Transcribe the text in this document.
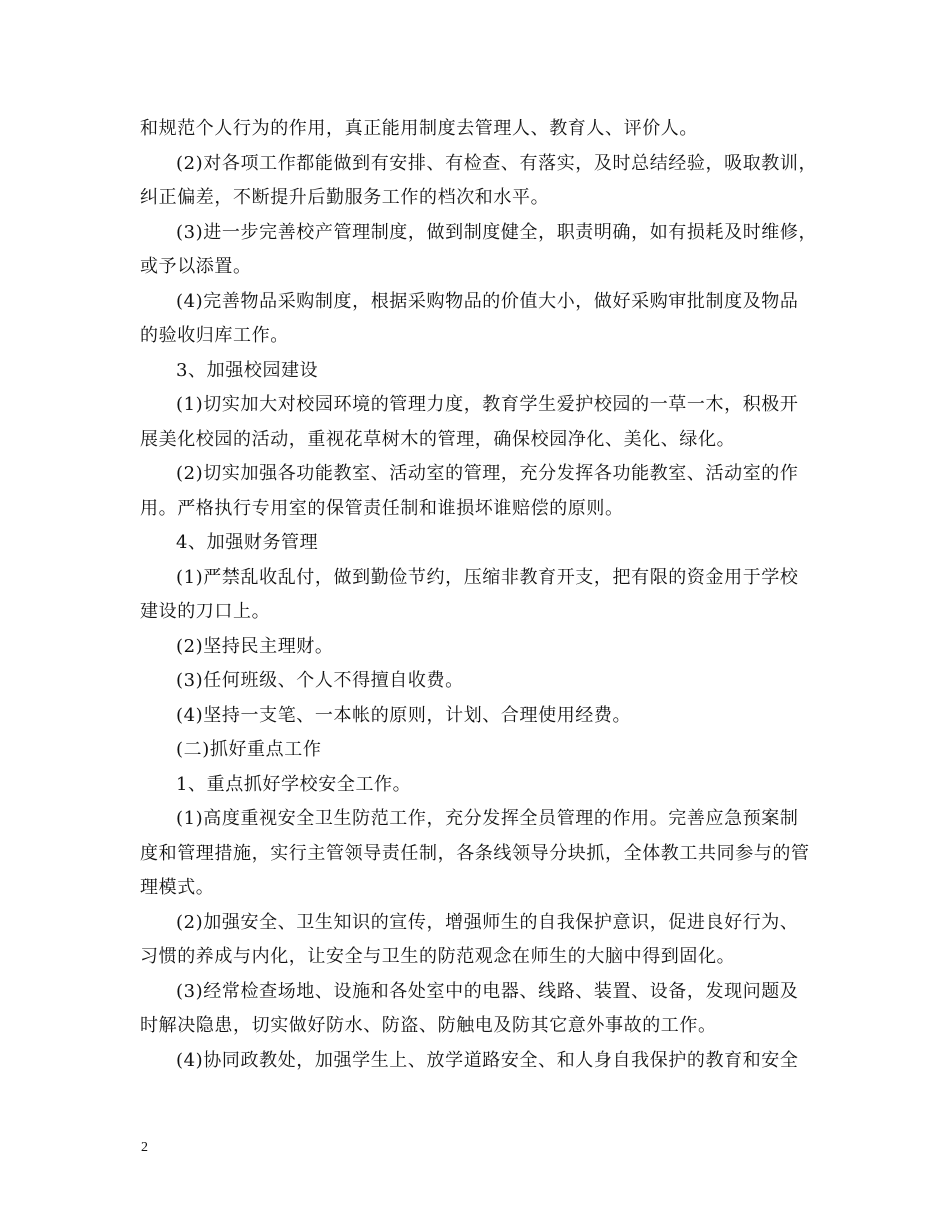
和规范个人行为的作用，真正能用制度去管理人、教育人、评价人。
(2)对各项工作都能做到有安排、有检查、有落实，及时总结经验，吸取教训，
纠正偏差，不断提升后勤服务工作的档次和水平。
(3)进一步完善校产管理制度，做到制度健全，职责明确，如有损耗及时维修，
或予以添置。
(4)完善物品采购制度，根据采购物品的价值大小，做好采购审批制度及物品
的验收归库工作。
3、加强校园建设
(1)切实加大对校园环境的管理力度，教育学生爱护校园的一草一木，积极开
展美化校园的活动，重视花草树木的管理，确保校园净化、美化、绿化。
(2)切实加强各功能教室、活动室的管理，充分发挥各功能教室、活动室的作
用。严格执行专用室的保管责任制和谁损坏谁赔偿的原则。
4、加强财务管理
(1)严禁乱收乱付，做到勤俭节约，压缩非教育开支，把有限的资金用于学校
建设的刀口上。
(2)坚持民主理财。
(3)任何班级、个人不得擅自收费。
(4)坚持一支笔、一本帐的原则，计划、合理使用经费。
(二)抓好重点工作
1、重点抓好学校安全工作。
(1)高度重视安全卫生防范工作，充分发挥全员管理的作用。完善应急预案制
度和管理措施，实行主管领导责任制，各条线领导分块抓，全体教工共同参与的管
理模式。
(2)加强安全、卫生知识的宣传，增强师生的自我保护意识，促进良好行为、
习惯的养成与内化，让安全与卫生的防范观念在师生的大脑中得到固化。
(3)经常检查场地、设施和各处室中的电器、线路、装置、设备，发现问题及
时解决隐患，切实做好防水、防盗、防触电及防其它意外事故的工作。
(4)协同政教处，加强学生上、放学道路安全、和人身自我保护的教育和安全
2
